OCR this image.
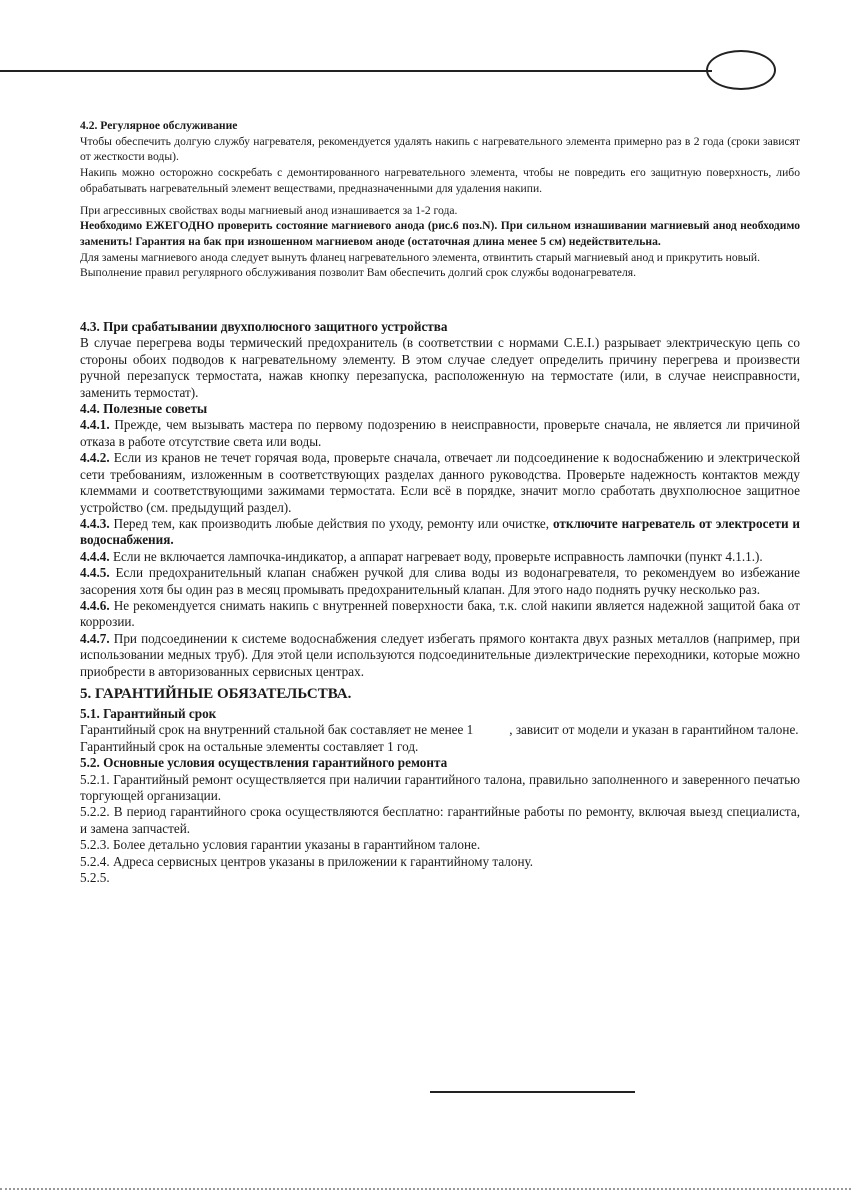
4.2. Регулярное обслуживание

Чтобы обеспечить долгую службу нагревателя, рекомендуется удалять накипь с нагревательного элемента примерно раз в 2 года (сроки зависят от жесткости воды).

Накипь можно осторожно соскребать с демонтированного нагревательного элемента, чтобы не повредить его защитную поверхность, либо обрабатывать нагревательный элемент веществами, предназначенными для удаления накипи.

При агрессивных свойствах воды магниевый анод изнашивается за 1-2 года.

Необходимо ЕЖЕГОДНО проверить состояние магниевого анода (рис.6 поз.N). При сильном изнашивании магниевый анод необходимо заменить! Гарантия на бак при изношенном магниевом аноде (остаточная длина менее 5 см) недействительна.

Для замены магниевого анода следует вынуть фланец нагревательного элемента, отвинтить старый магниевый анод и прикрутить новый.

Выполнение правил регулярного обслуживания позволит Вам обеспечить долгий срок службы водонагревателя.

4.3. При срабатывании двухполюсного защитного устройства

В случае перегрева воды термический предохранитель (в соответствии с нормами C.E.I.) разрывает электрическую цепь со стороны обоих подводов к нагревательному элементу. В этом случае следует определить причину перегрева и произвести ручной перезапуск термостата, нажав кнопку перезапуска, расположенную на термостате (или, в случае неисправности, заменить термостат).

4.4. Полезные советы

4.4.1. Прежде, чем вызывать мастера по первому подозрению в неисправности, проверьте сначала, не является ли причиной отказа в работе отсутствие света или воды.

4.4.2. Если из кранов не течет горячая вода, проверьте сначала, отвечает ли подсоединение к водоснабжению и электрической сети требованиям, изложенным в соответствующих разделах данного руководства. Проверьте надежность контактов между клеммами и соответствующими зажимами термостата. Если всё в порядке, значит могло сработать двухполюсное защитное устройство (см. предыдущий раздел).

4.4.3. Перед тем, как производить любые действия по уходу, ремонту или очистке, отключите нагреватель от электросети и водоснабжения.

4.4.4. Если не включается лампочка-индикатор, а аппарат нагревает воду, проверьте исправность лампочки (пункт 4.1.1.).

4.4.5. Если предохранительный клапан снабжен ручкой для слива воды из водонагревателя, то рекомендуем во избежание засорения хотя бы один раз в месяц промывать предохранительный клапан. Для этого надо поднять ручку несколько раз.

4.4.6. Не рекомендуется снимать накипь с внутренней поверхности бака, т.к. слой накипи является надежной защитой бака от коррозии.

4.4.7. При подсоединении к системе водоснабжения следует избегать прямого контакта двух разных металлов (например, при использовании медных труб). Для этой цели используются подсоединительные диэлектрические переходники, которые можно приобрести в авторизованных сервисных центрах.

5. ГАРАНТИЙНЫЕ ОБЯЗАТЕЛЬСТВА.

5.1. Гарантийный срок

Гарантийный срок на внутренний стальной бак составляет не менее 1	, зависит от модели и указан в гарантийном талоне.

Гарантийный срок на остальные элементы составляет 1 год.

5.2. Основные условия осуществления гарантийного ремонта

5.2.1. Гарантийный ремонт осуществляется при наличии гарантийного талона, правильно заполненного и заверенного печатью торгующей организации.

5.2.2. В период гарантийного срока осуществляются бесплатно: гарантийные работы по ремонту, включая выезд специалиста, и замена запчастей.

5.2.3. Более детально условия гарантии указаны в гарантийном талоне.

5.2.4. Адреса сервисных центров указаны в приложении к гарантийному талону.

5.2.5.
